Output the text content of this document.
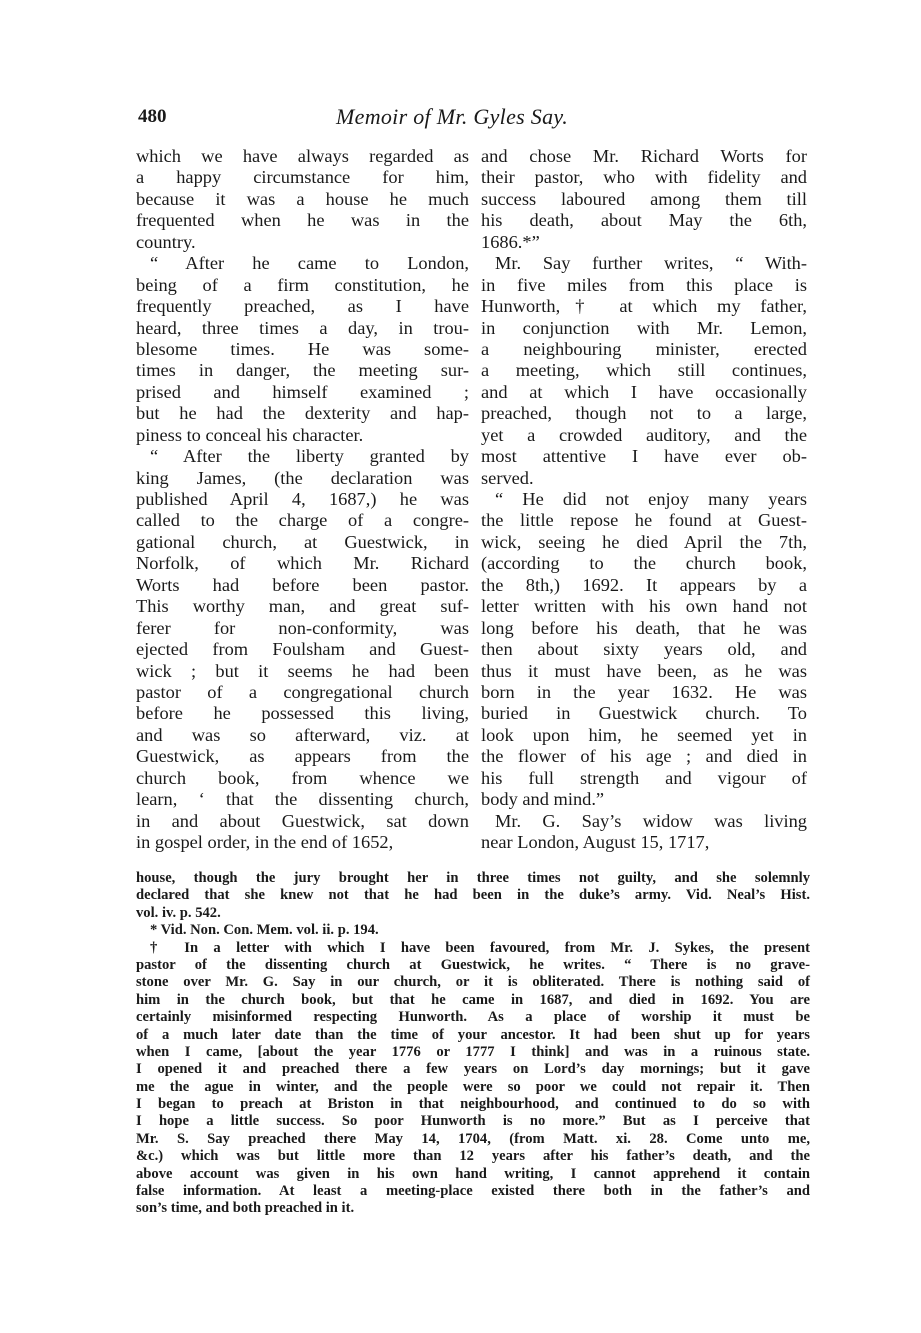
480	Memoir of Mr. Gyles Say.
which we have always regarded as
a happy circumstance for him,
because it was a house he much
frequented when he was in the
country.
“ After he came to London,
being of a firm constitution, he
frequently preached, as I have
heard, three times a day, in trou-
blesome times. He was some-
times in danger, the meeting sur-
prised and himself examined ;
but he had the dexterity and hap-
piness to conceal his character.
“ After the liberty granted by
king James, (the declaration was
published April 4, 1687,) he was
called to the charge of a congre-
gational church, at Guestwick, in
Norfolk, of which Mr. Richard
Worts had before been pastor.
This worthy man, and great suf-
ferer for non-conformity, was
ejected from Foulsham and Guest-
wick ; but it seems he had been
pastor of a congregational church
before he possessed this living,
and was so afterward, viz. at
Guestwick, as appears from the
church book, from whence we
learn, ‘ that the dissenting church,
in and about Guestwick, sat down
in gospel order, in the end of 1652,
and chose Mr. Richard Worts for
their pastor, who with fidelity and
success laboured among them till
his death, about May the 6th,
1686.*”
Mr. Say further writes, “ With-
in five miles from this place is
Hunworth,† at which my father,
in conjunction with Mr. Lemon,
a neighbouring minister, erected
a meeting, which still continues,
and at which I have occasionally
preached, though not to a large,
yet a crowded auditory, and the
most attentive I have ever ob-
served.
“ He did not enjoy many years
the little repose he found at Guest-
wick, seeing he died April the 7th,
(according to the church book,
the 8th,) 1692. It appears by a
letter written with his own hand not
long before his death, that he was
then about sixty years old, and
thus it must have been, as he was
born in the year 1632. He was
buried in Guestwick church. To
look upon him, he seemed yet in
the flower of his age ; and died in
his full strength and vigour of
body and mind.”
Mr. G. Say’s widow was living
near London, August 15, 1717,
house, though the jury brought her in three times not guilty, and she solemnly
declared that she knew not that he had been in the duke’s army. Vid. Neal’s Hist.
vol. iv. p. 542.
* Vid. Non. Con. Mem. vol. ii. p. 194.
† In a letter with which I have been favoured, from Mr. J. Sykes, the present
pastor of the dissenting church at Guestwick, he writes. “ There is no grave-
stone over Mr. G. Say in our church, or it is obliterated. There is nothing said of
him in the church book, but that he came in 1687, and died in 1692. You are
certainly misinformed respecting Hunworth. As a place of worship it must be
of a much later date than the time of your ancestor. It had been shut up for years
when I came, [about the year 1776 or 1777 I think] and was in a ruinous state.
I opened it and preached there a few years on Lord’s day mornings; but it gave
me the ague in winter, and the people were so poor we could not repair it. Then
I began to preach at Briston in that neighbourhood, and continued to do so with
I hope a little success. So poor Hunworth is no more.” But as I perceive that
Mr. S. Say preached there May 14, 1704, (from Matt. xi. 28. Come unto me,
&c.) which was but little more than 12 years after his father’s death, and the
above account was given in his own hand writing, I cannot apprehend it contain
false information. At least a meeting-place existed there both in the father’s and
son’s time, and both preached in it.
